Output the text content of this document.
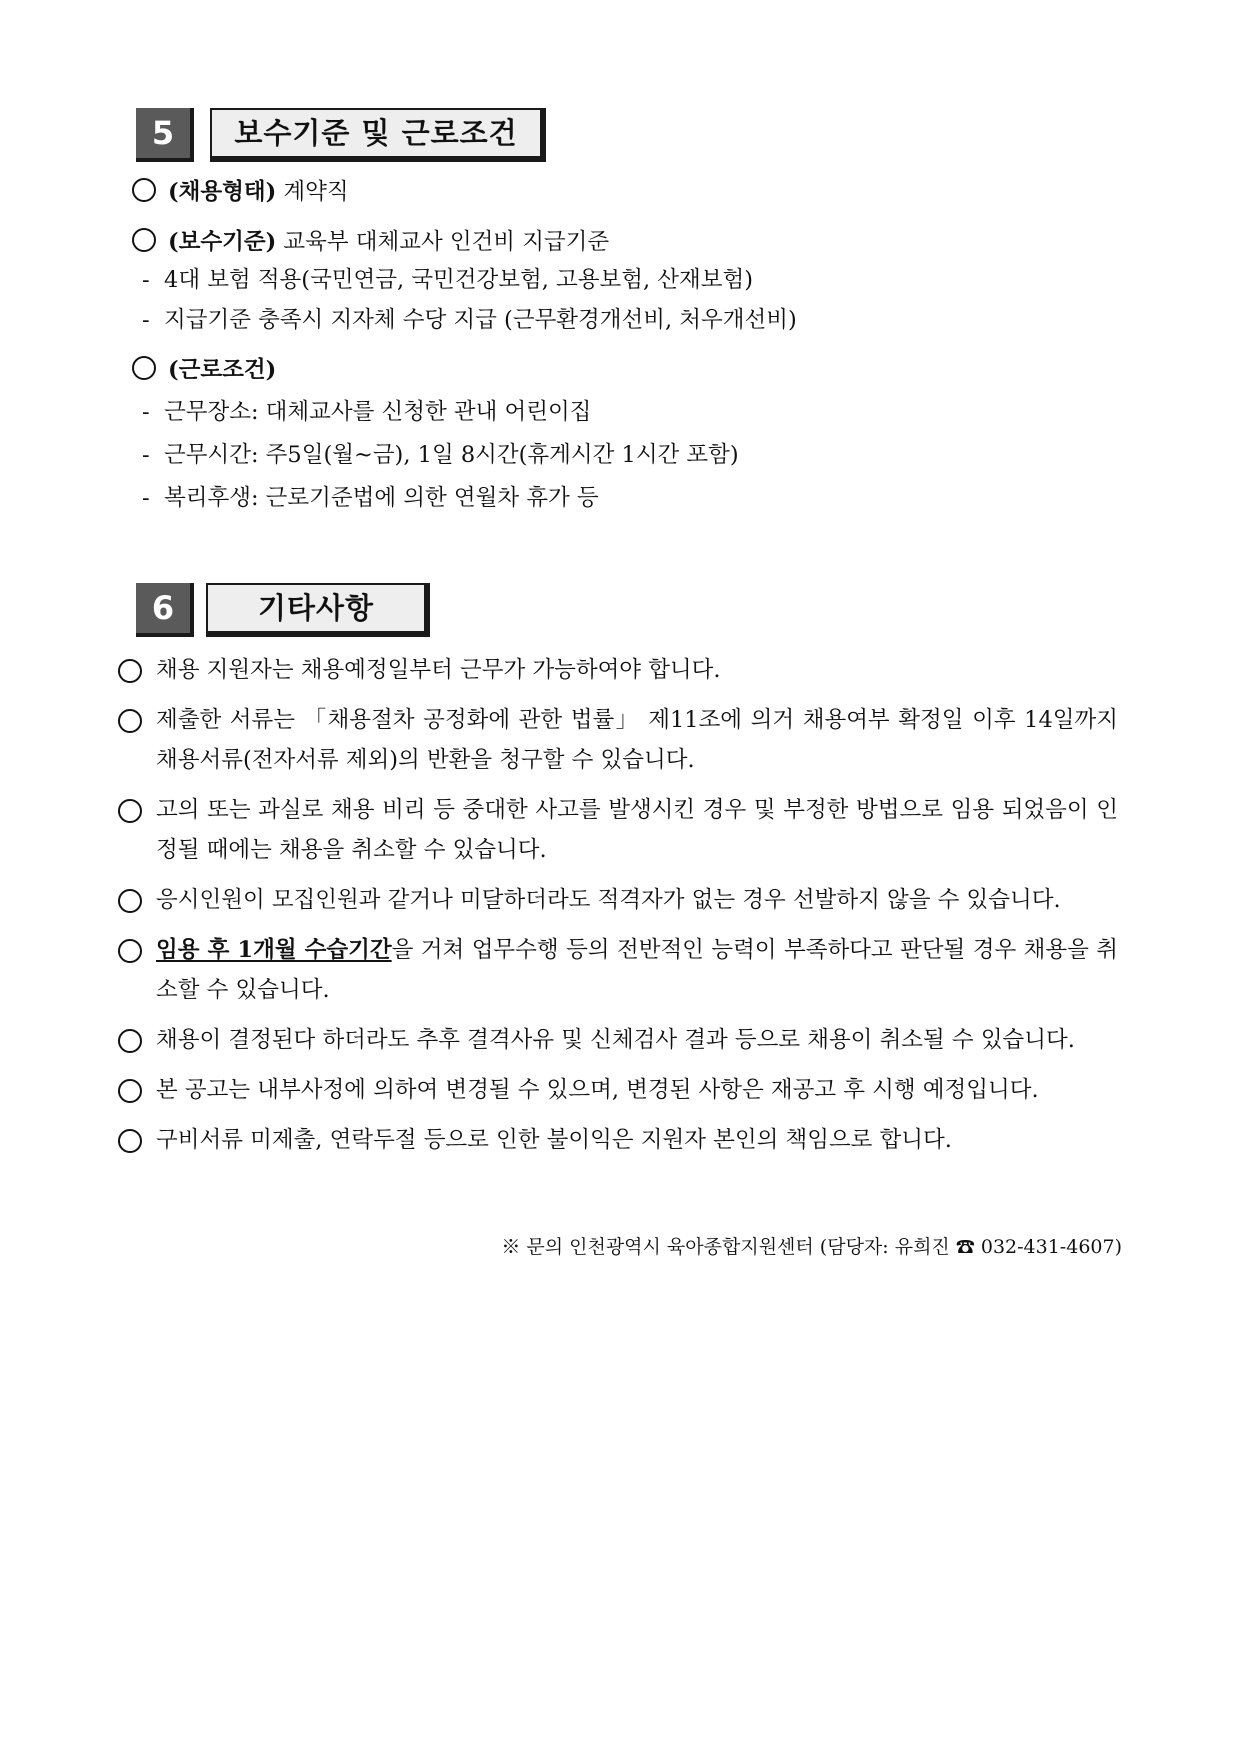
5	보수기준 및 근로조건
(채용형태) 계약직
(보수기준) 교육부 대체교사 인건비 지급기준
- 4대 보험 적용(국민연금, 국민건강보험, 고용보험, 산재보험)
- 지급기준 충족시 지자체 수당 지급 (근무환경개선비, 처우개선비)
(근로조건)
- 근무장소: 대체교사를 신청한 관내 어린이집
- 근무시간: 주5일(월~금), 1일 8시간(휴게시간 1시간 포함)
- 복리후생: 근로기준법에 의한 연월차 휴가 등
6	기타사항
채용 지원자는 채용예정일부터 근무가 가능하여야 합니다.
제출한 서류는 「채용절차 공정화에 관한 법률」 제11조에 의거 채용여부 확정일 이후 14일까지 채용서류(전자서류 제외)의 반환을 청구할 수 있습니다.
고의 또는 과실로 채용 비리 등 중대한 사고를 발생시킨 경우 및 부정한 방법으로 임용 되었음이 인정될 때에는 채용을 취소할 수 있습니다.
응시인원이 모집인원과 같거나 미달하더라도 적격자가 없는 경우 선발하지 않을 수 있습니다.
임용 후 1개월 수습기간을 거쳐 업무수행 등의 전반적인 능력이 부족하다고 판단될 경우 채용을 취소할 수 있습니다.
채용이 결정된다 하더라도 추후 결격사유 및 신체검사 결과 등으로 채용이 취소될 수 있습니다.
본 공고는 내부사정에 의하여 변경될 수 있으며, 변경된 사항은 재공고 후 시행 예정입니다.
구비서류 미제출, 연락두절 등으로 인한 불이익은 지원자 본인의 책임으로 합니다.
※ 문의 인천광역시 육아종합지원센터 (담당자: 유희진 ☎ 032-431-4607)
